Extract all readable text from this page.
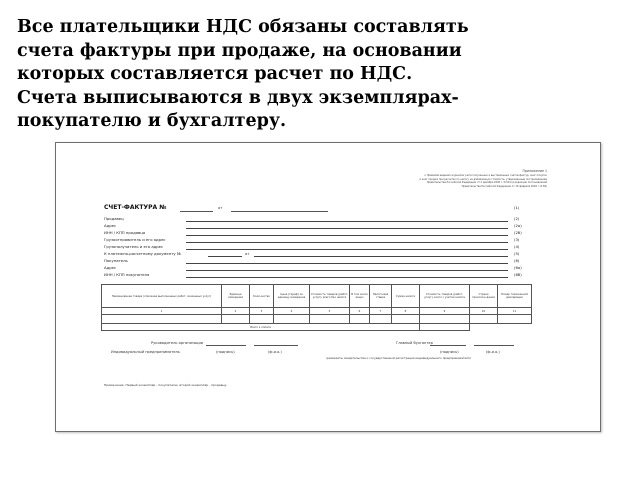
Все плательщики НДС обязаны составлять
счета фактуры при продаже, на основании
которых составляется расчет по НДС.
Счета выписываются в двух экземплярах-
покупателю и бухгалтеру.
Приложение 1
к Правилам ведения журналов учета полученных и выставленных счетов-фактур, книг покупок
и книг продаж при расчетах по налогу на добавленную стоимость, утвержденным постановлением
Правительства Российской Федерации от 2 декабря 2000 г. N 914 (в редакции постановлений
Правительства Российской Федерации от 16 февраля 2004 г. N 84)
СЧЕТ-ФАКТУРА №	от	(1)
Продавец	(2)
Адрес	(2а)
ИНН / КПП продавца	(2б)
Грузоотправитель и его адрес	(3)
Грузополучатель и его адрес	(4)
К платежно-расчетному документу №	от	(5)
Покупатель	(6)
Адрес	(6а)
ИНН / КПП покупателя	(6б)
Наименование товара (описание выполненных работ, оказанных услуг)	Единица измерения	Коли-чество	Цена (тариф) за единицу измерения	Стоимость товаров (работ, услуг), всего без налога	В том числе акциз	Налого-вая ставка	Сумма налога	Стоимость товаров (работ, услуг), всего с учетом налога	Страна происхож-дения	Номер таможенной декларации
1	2	3	4	5	6	7	8	9	10	11

Всего к оплате										
Руководитель организации	Главный бухгалтер
Индивидуальный предприниматель	(подпись)	(ф.и.о.)	(подпись)	(ф.и.о.)
(реквизиты свидетельства о государственной регистрации индивидуального предпринимателя)
Примечание. Первый экземпляр - покупателю, второй экземпляр - продавцу.
